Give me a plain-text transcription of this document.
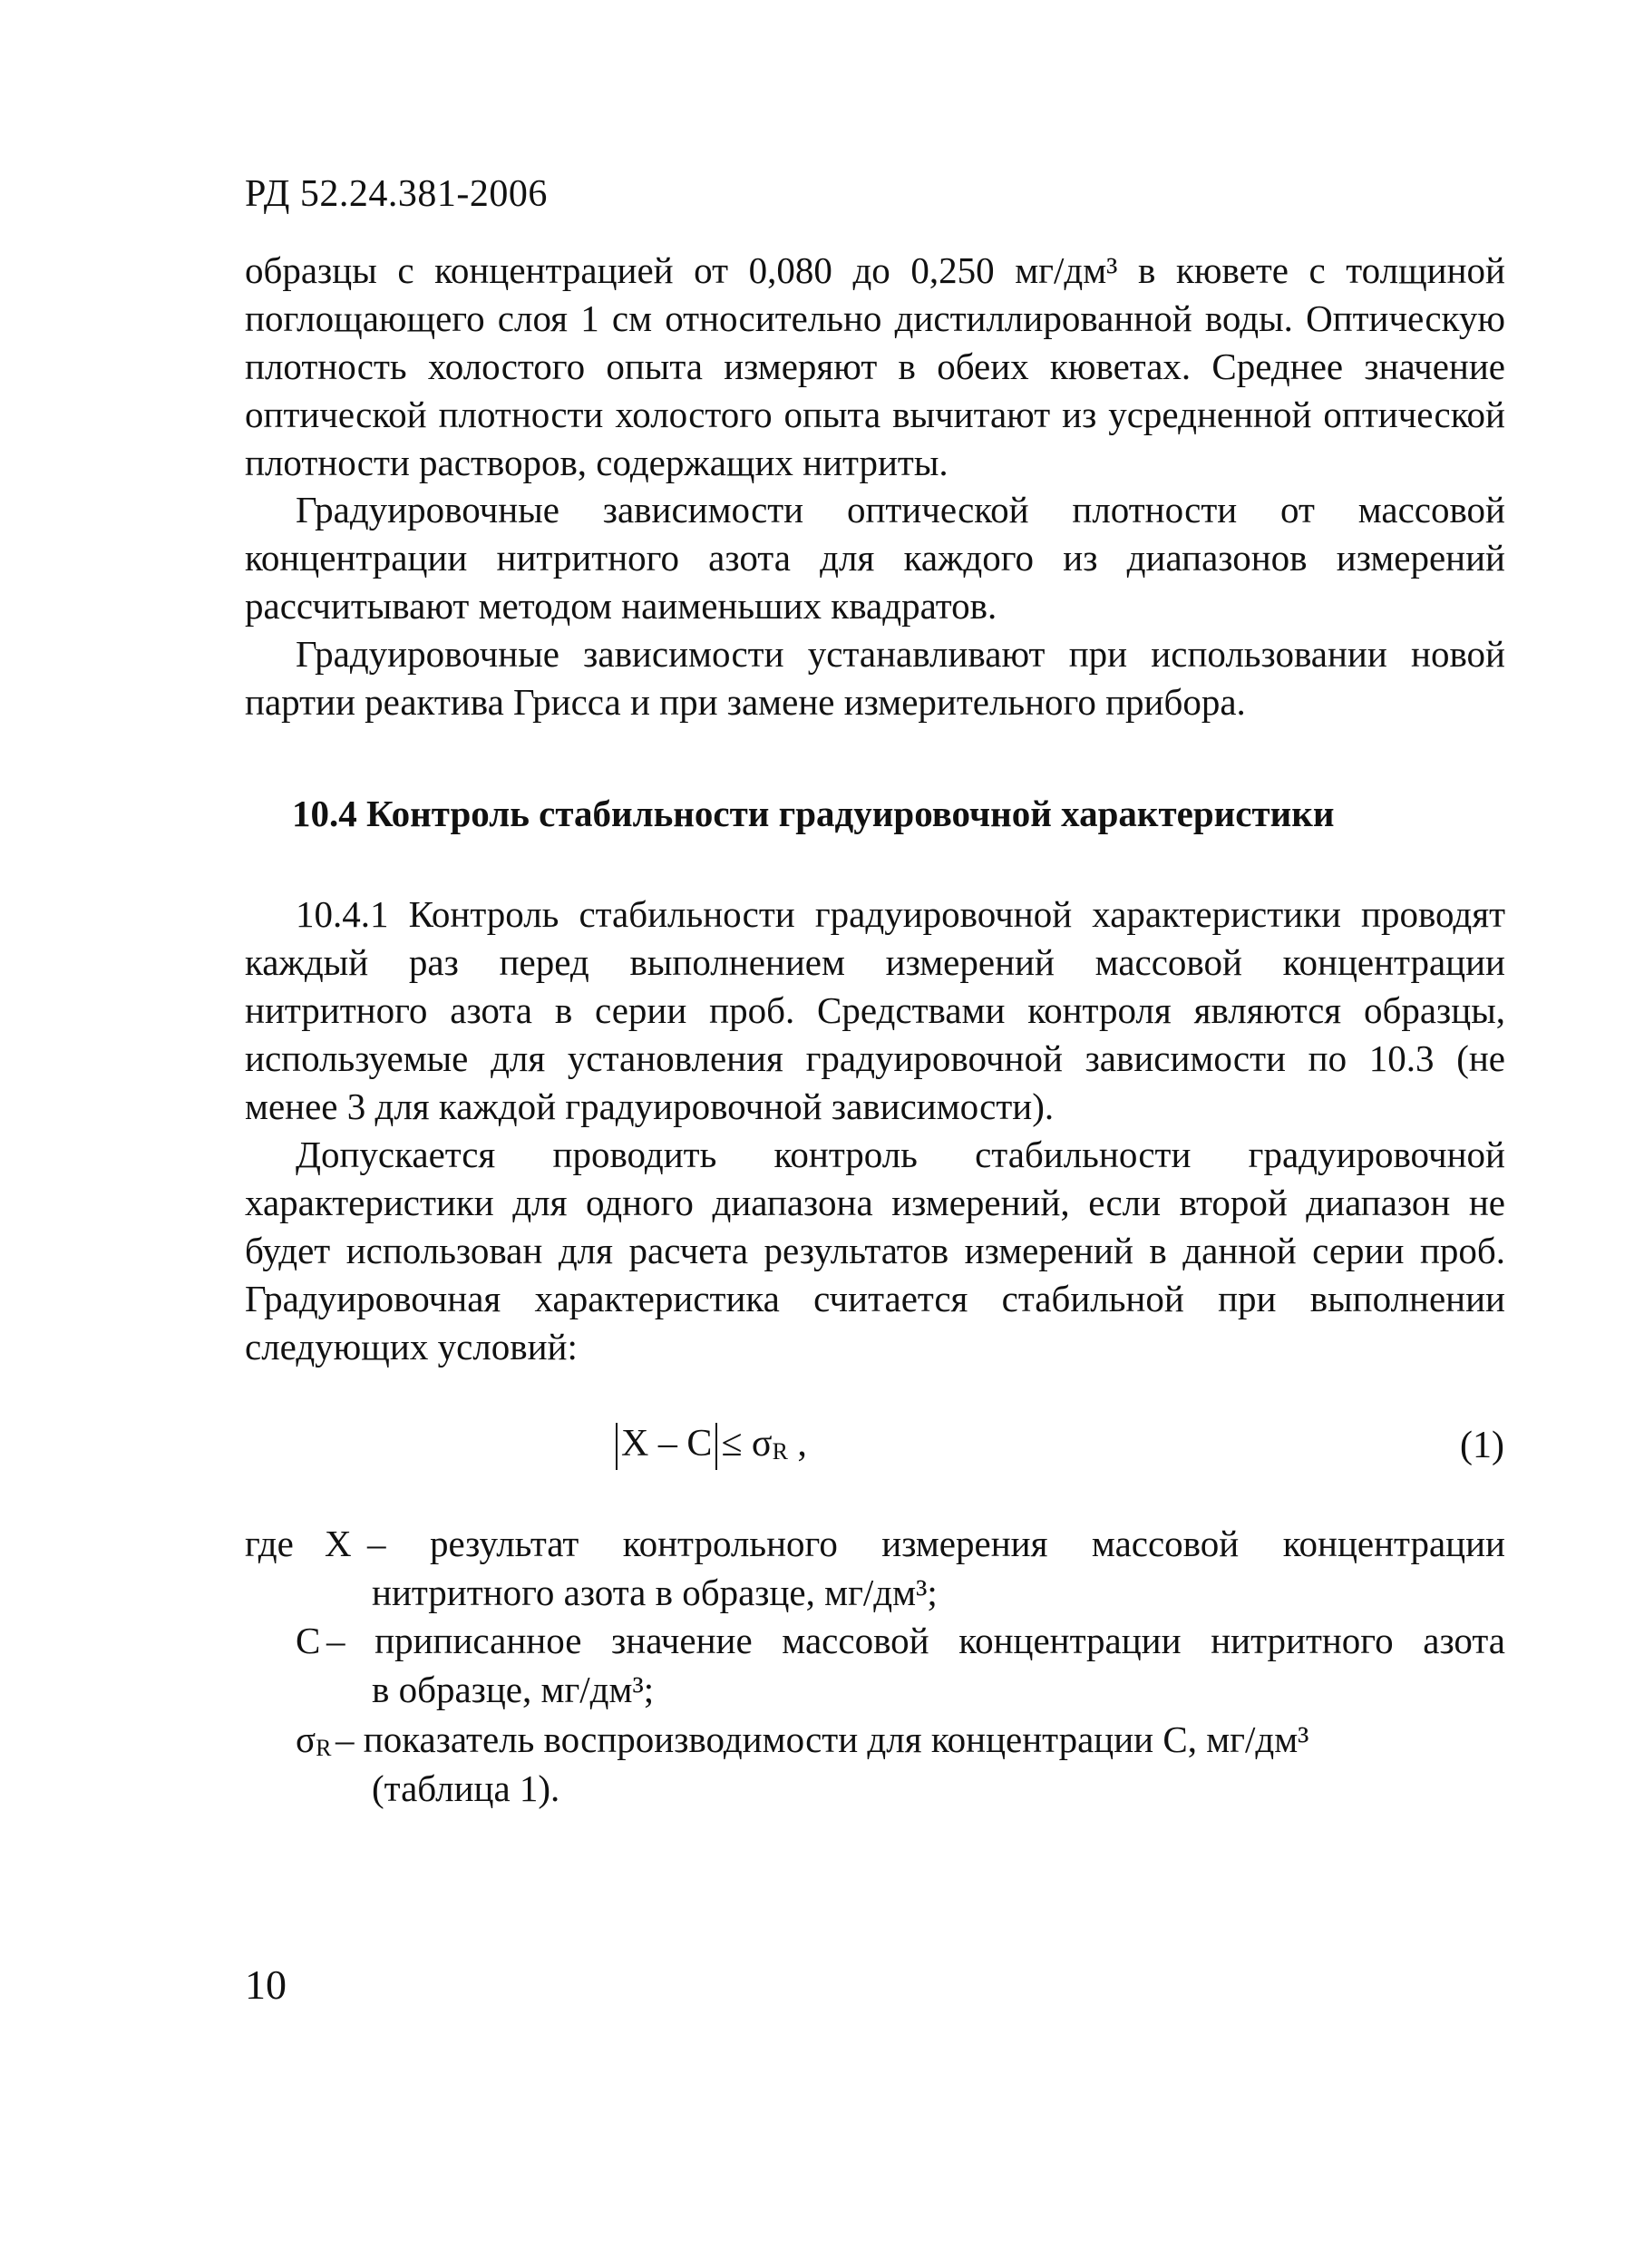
РД 52.24.381-2006

образцы с концентрацией от 0,080 до 0,250 мг/дм³ в кювете с толщиной поглощающего слоя 1 см относительно дистиллированной воды. Оптическую плотность холостого опыта измеряют в обеих кюветах. Среднее значение оптической плотности холостого опыта вычитают из усредненной оптической плотности растворов, содержащих нитриты.

Градуировочные зависимости оптической плотности от массовой концентрации нитритного азота для каждого из диапазонов измерений рассчитывают методом наименьших квадратов.

Градуировочные зависимости устанавливают при использовании новой партии реактива Грисса и при замене измерительного прибора.

10.4 Контроль стабильности градуировочной характеристики

10.4.1 Контроль стабильности градуировочной характеристики проводят каждый раз перед выполнением измерений массовой концентрации нитритного азота в серии проб. Средствами контроля являются образцы, используемые для установления градуировочной зависимости по 10.3 (не менее 3 для каждой градуировочной зависимости).

Допускается проводить контроль стабильности градуировочной характеристики для одного диапазона измерений, если второй диапазон не будет использован для расчета результатов измерений в данной серии проб. Градуировочная характеристика считается стабильной при выполнении следующих условий:

X – C ≤ σR ,	(1)
где X – результат контрольного измерения массовой концентрации
нитритного азота в образце, мг/дм³;
С – приписанное значение массовой концентрации нитритного азота
в образце, мг/дм³;
σR – показатель воспроизводимости для концентрации С, мг/дм³
(таблица 1).
10
